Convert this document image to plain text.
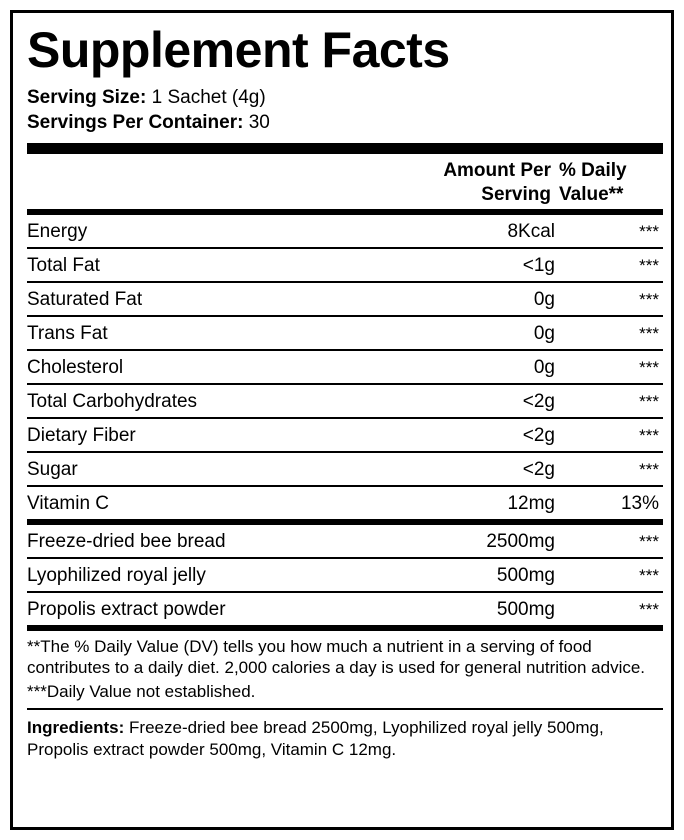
Supplement Facts
Serving Size: 1 Sachet (4g)
Servings Per Container: 30
	Amount Per Serving	% Daily Value**
Energy	8Kcal	***
Total Fat	<1g	***
Saturated Fat	0g	***
Trans Fat	0g	***
Cholesterol	0g	***
Total Carbohydrates	<2g	***
Dietary Fiber	<2g	***
Sugar	<2g	***
Vitamin C	12mg	13%
Freeze-dried bee bread	2500mg	***
Lyophilized royal jelly	500mg	***
Propolis extract powder	500mg	***
**The % Daily Value (DV) tells you how much a nutrient in a serving of food contributes to a daily diet. 2,000 calories a day is used for general nutrition advice.
***Daily Value not established.
Ingredients: Freeze-dried bee bread 2500mg, Lyophilized royal jelly 500mg, Propolis extract powder 500mg, Vitamin C 12mg.
